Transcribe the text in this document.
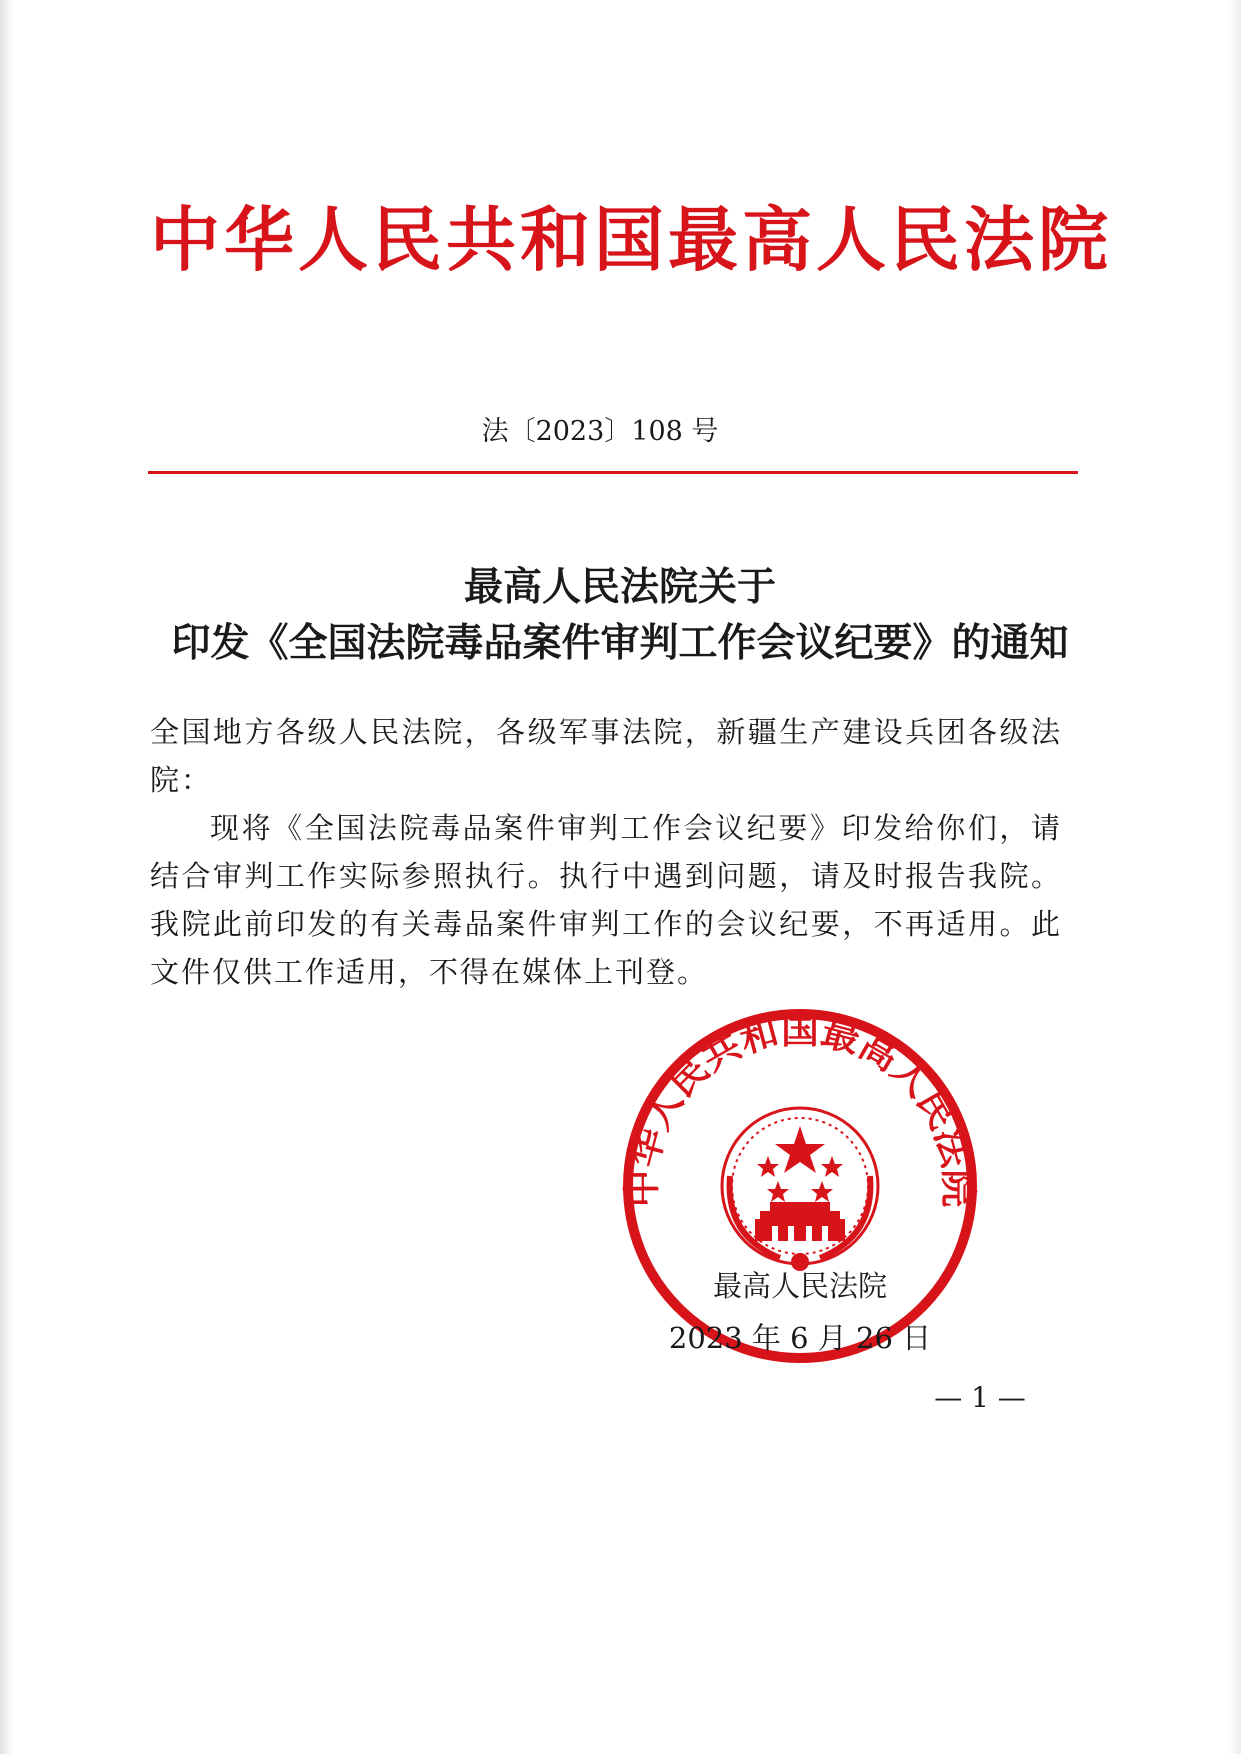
中华人民共和国最高人民法院
法〔2023〕108 号
最高人民法院关于
印发《全国法院毒品案件审判工作会议纪要》的通知

全国地方各级人民法院，各级军事法院，新疆生产建设兵团各级法院：

现将《全国法院毒品案件审判工作会议纪要》印发给你们，请结合审判工作实际参照执行。执行中遇到问题，请及时报告我院。我院此前印发的有关毒品案件审判工作的会议纪要，不再适用。此文件仅供工作适用，不得在媒体上刊登。

中华人民共和国最高人民法院
最高人民法院
2023 年 6 月 26 日
— 1 —
